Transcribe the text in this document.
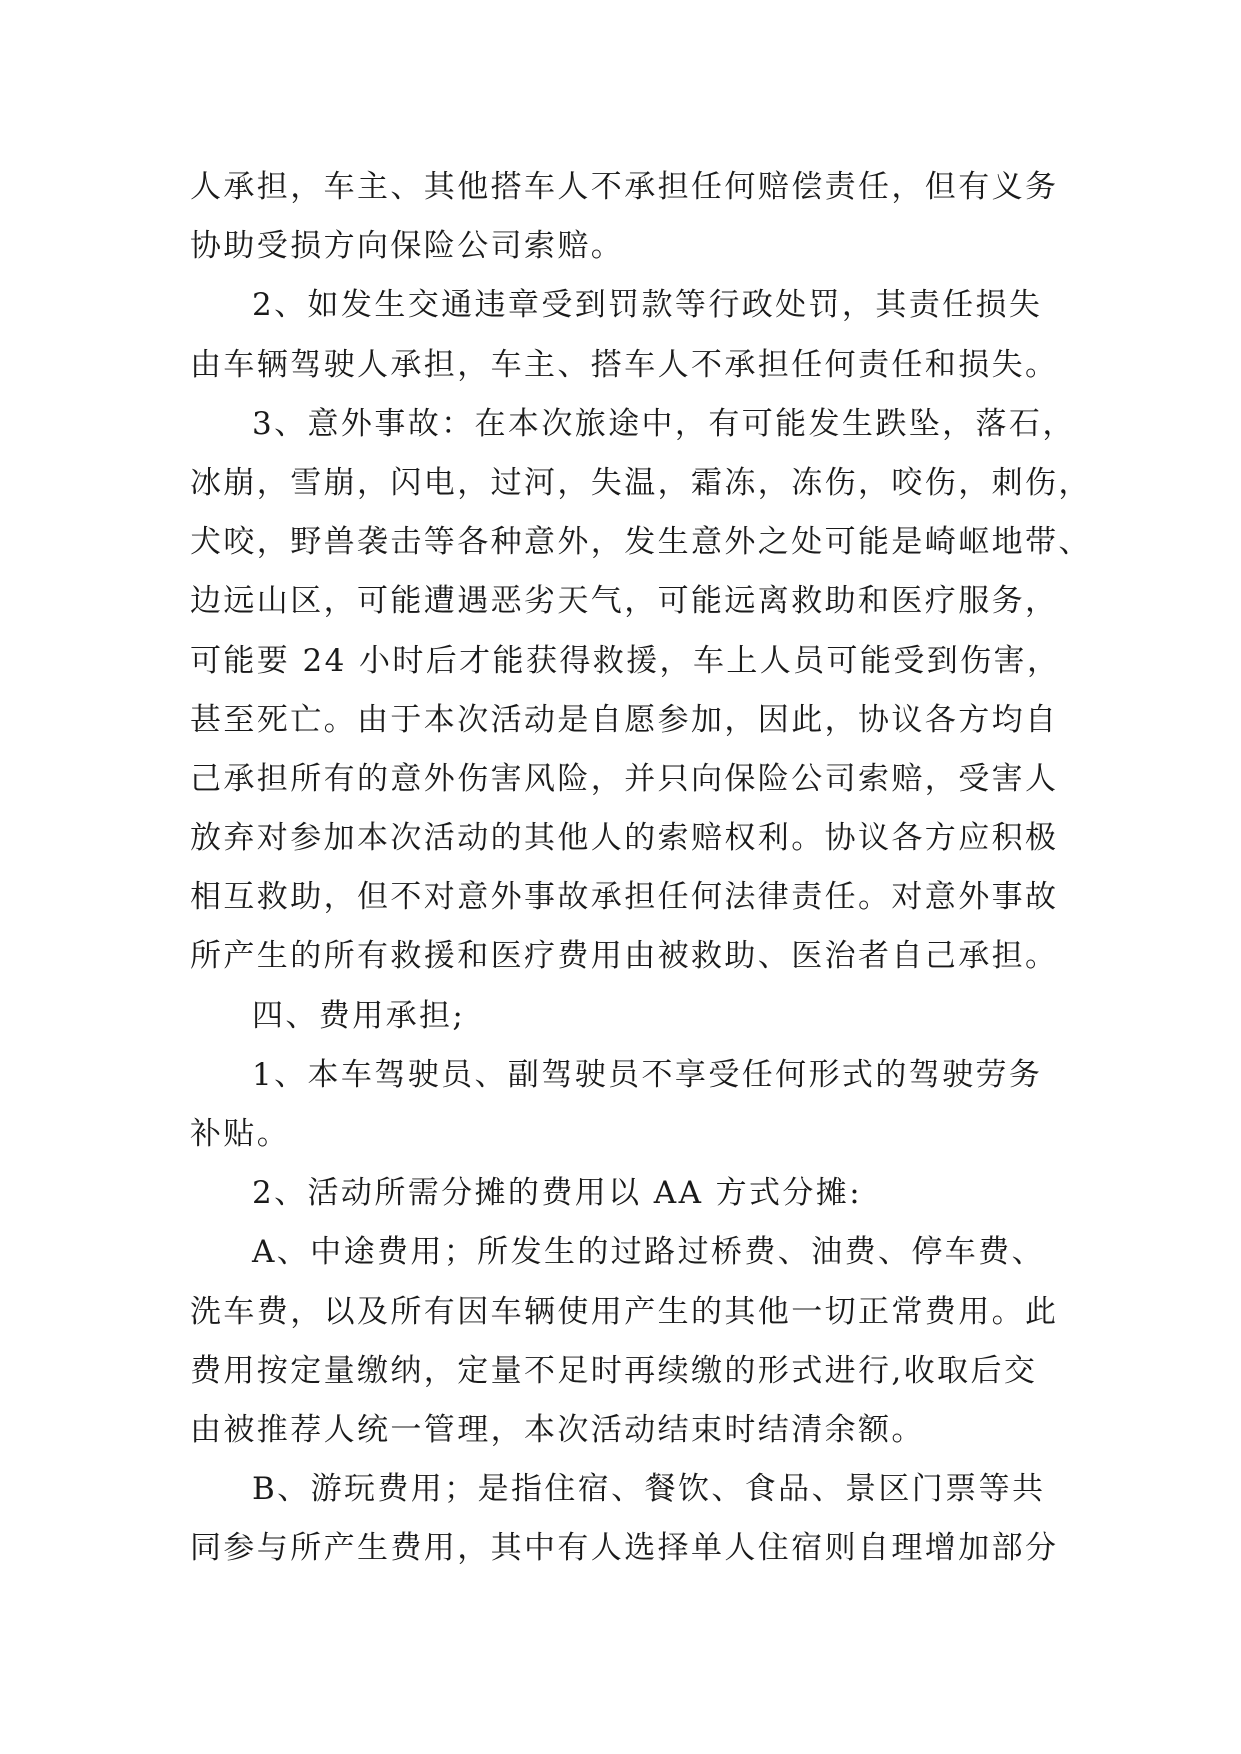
人承担，车主、其他搭车人不承担任何赔偿责任，但有义务
协助受损方向保险公司索赔。
2、如发生交通违章受到罚款等行政处罚，其责任损失
由车辆驾驶人承担，车主、搭车人不承担任何责任和损失。
3、意外事故：在本次旅途中，有可能发生跌坠，落石，
冰崩，雪崩，闪电，过河，失温，霜冻，冻伤，咬伤，刺伤，
犬咬，野兽袭击等各种意外，发生意外之处可能是崎岖地带、
边远山区，可能遭遇恶劣天气，可能远离救助和医疗服务，
可能要 24 小时后才能获得救援，车上人员可能受到伤害，
甚至死亡。由于本次活动是自愿参加，因此，协议各方均自
己承担所有的意外伤害风险，并只向保险公司索赔，受害人
放弃对参加本次活动的其他人的索赔权利。协议各方应积极
相互救助，但不对意外事故承担任何法律责任。对意外事故
所产生的所有救援和医疗费用由被救助、医治者自己承担。
四、费用承担;
1、本车驾驶员、副驾驶员不享受任何形式的驾驶劳务
补贴。
2、活动所需分摊的费用以 AA 方式分摊:
A、中途费用；所发生的过路过桥费、油费、停车费、
洗车费，以及所有因车辆使用产生的其他一切正常费用。此
费用按定量缴纳，定量不足时再续缴的形式进行,收取后交
由被推荐人统一管理，本次活动结束时结清余额。
B、游玩费用；是指住宿、餐饮、食品、景区门票等共
同参与所产生费用，其中有人选择单人住宿则自理增加部分
